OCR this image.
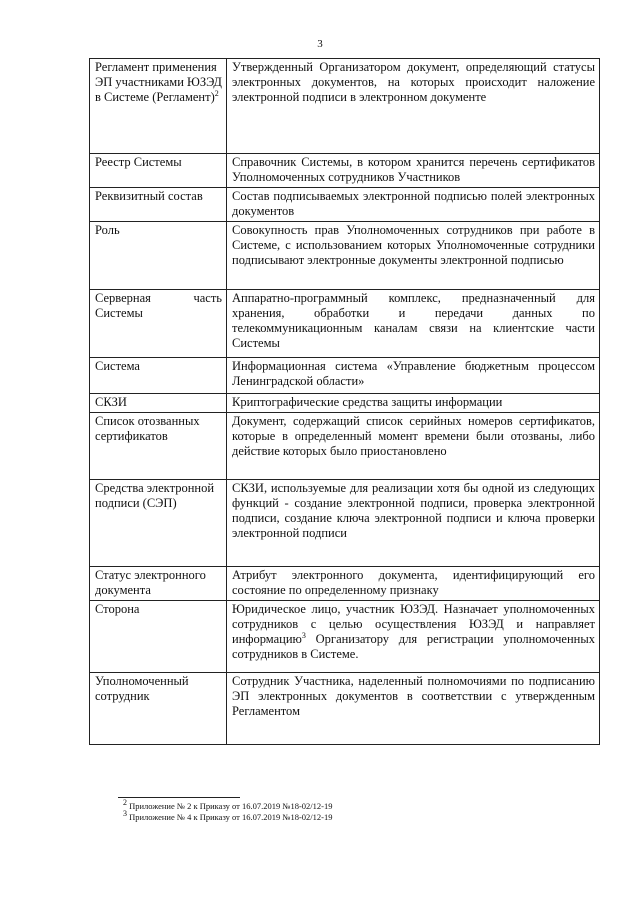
3
Регламент применения ЭП участниками ЮЗЭД в Системе (Регламент)$^2$	Утвержденный Организатором документ, определяющий статусы электронных документов, на которых происходит наложение электронной подписи в электронном документе
Реестр Системы	Справочник Системы, в котором хранится перечень сертификатов Уполномоченных сотрудников Участников
Реквизитный состав	Состав подписываемых электронной подписью полей электронных документов
Роль	Совокупность прав Уполномоченных сотрудников при работе в Системе, с использованием которых Уполномоченные сотрудники подписывают электронные документы электронной подписью
Серверная часть Системы	Аппаратно-программный комплекс, предназначенный для хранения, обработки и передачи данных по телекоммуникационным каналам связи на клиентские части Системы
Система	Информационная система «Управление бюджетным процессом Ленинградской области»
СКЗИ	Криптографические средства защиты информации
Список отозванных сертификатов	Документ, содержащий список серийных номеров сертификатов, которые в определенный момент времени были отозваны, либо действие которых было приостановлено
Средства электронной подписи (СЭП)	СКЗИ, используемые для реализации хотя бы одной из следующих функций - создание электронной подписи, проверка электронной подписи, создание ключа электронной подписи и ключа проверки электронной подписи
Статус электронного документа	Атрибут электронного документа, идентифицирующий его состояние по определенному признаку
Сторона	Юридическое лицо, участник ЮЗЭД. Назначает уполномоченных сотрудников с целью осуществления ЮЗЭД и направляет информацию$^3$ Организатору для регистрации уполномоченных сотрудников в Системе.
Уполномоченный сотрудник	Сотрудник Участника, наделенный полномочиями по подписанию ЭП электронных документов в соответствии с утвержденным Регламентом
$^2$ Приложение № 2 к Приказу от 16.07.2019 №18-02/12-19
$^3$ Приложение № 4 к Приказу от 16.07.2019 №18-02/12-19
